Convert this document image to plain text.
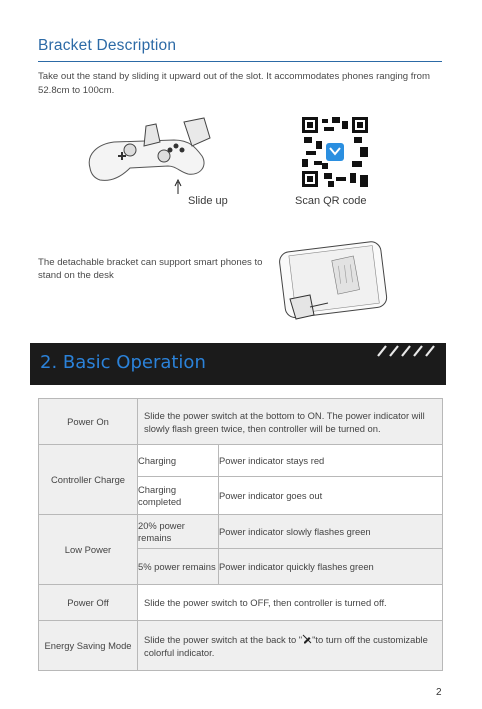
Bracket Description
Take out the stand by sliding it upward out of the slot. It accommodates phones ranging from 52.8cm to 100cm.
Slide up	Scan QR code
The detachable bracket can support smart phones to stand on the desk
2. Basic Operation
Power On	Slide the power switch at the bottom to ON. The power indicator will slowly flash green twice, then controller will be turned on.	
Controller Charge	Charging	Power indicator stays red
	Charging completed	Power indicator goes out
Low Power	20% power remains	Power indicator slowly flashes green
	5% power remains	Power indicator quickly flashes green
Power Off	Slide the power switch to OFF, then controller is turned off.	
Energy Saving Mode	Slide the power switch at the back to " "to turn off the customizable colorful indicator.	
2
